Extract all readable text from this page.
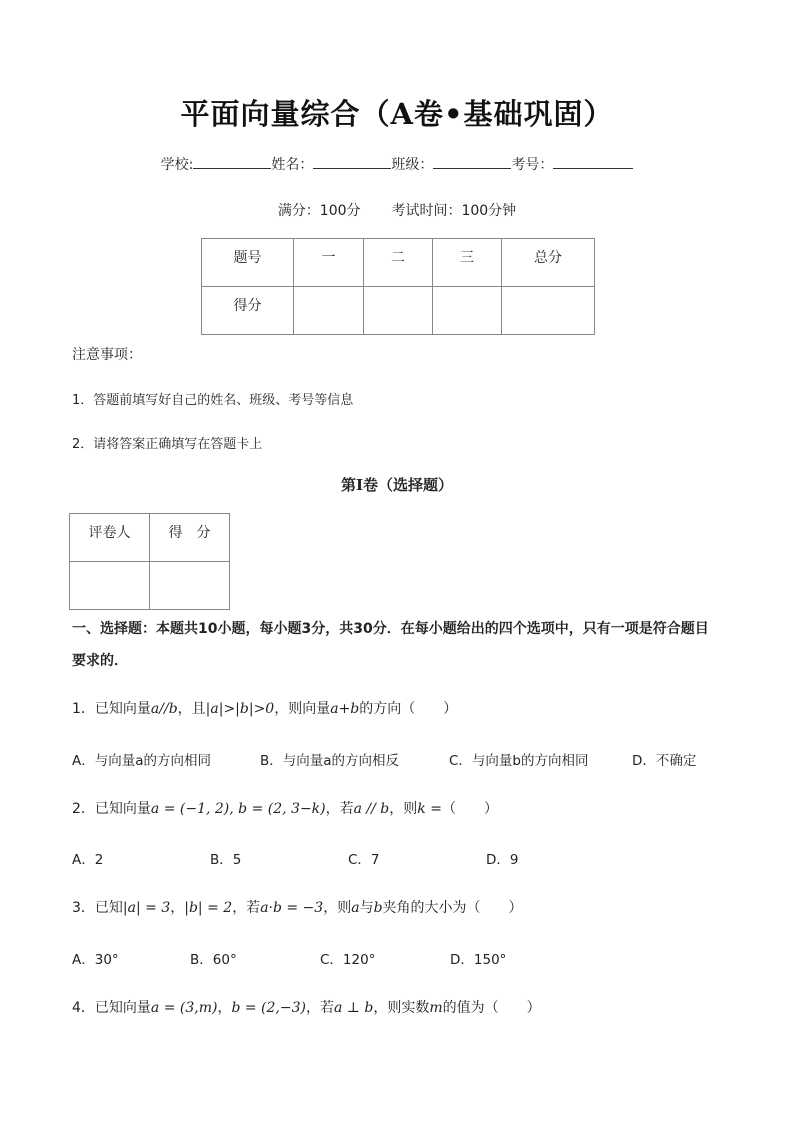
平面向量综合（A卷•基础巩固）
学校:	姓名：	班级：	考号：
满分：100分 考试时间：100分钟
题号	一	二	三	总分
得分				
注意事项：
1．答题前填写好自己的姓名、班级、考号等信息
2．请将答案正确填写在答题卡上
第I卷（选择题）
评卷人	得　分

一、选择题：本题共10小题，每小题3分，共30分．在每小题给出的四个选项中，只有一项是符合题目
要求的．
1．已知向量a//b，且|a|>|b|>0，则向量a+b的方向（　　）
A．与向量a的方向相同	B．与向量a的方向相反	C．与向量b的方向相同	D．不确定
2．已知向量a = (−1, 2), b = (2, 3−k)，若a // b，则k =（　　）
A．2	B．5	C．7	D．9
3．已知|a| = 3，|b| = 2，若a·b = −3，则a与b夹角的大小为（　　）
A．30°	B．60°	C．120°	D．150°
4．已知向量a = (3,m)，b = (2,−3)，若a ⊥ b，则实数m的值为（　　）
